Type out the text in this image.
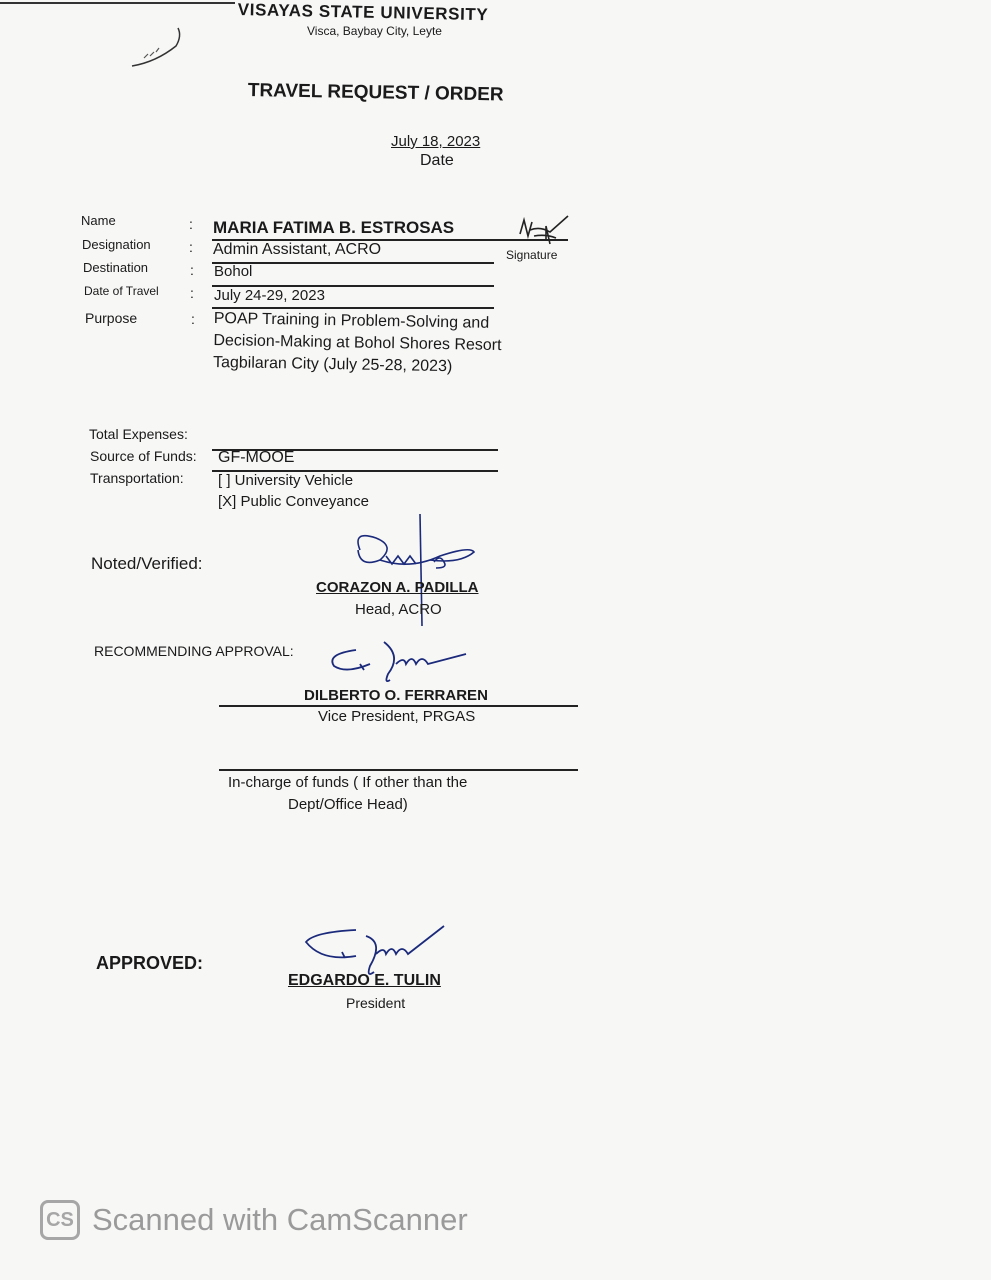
VISAYAS STATE UNIVERSITY
Visca, Baybay City, Leyte
TRAVEL REQUEST / ORDER
July 18, 2023
Date
Name	: MARIA FATIMA B. ESTROSAS
Signature
Designation	: Admin Assistant, ACRO
Destination	: Bohol
Date of Travel : July 24-29, 2023
Purpose	: POAP Training in Problem-Solving and
Decision-Making at Bohol Shores Resort
Tagbilaran City (July 25-28, 2023)
Total Expenses:
Source of Funds: GF-MOOE
Transportation: [ ] University Vehicle
[X] Public Conveyance
Noted/Verified:
CORAZON A. PADILLA
Head, ACRO
RECOMMENDING APPROVAL:
DILBERTO O. FERRAREN
Vice President, PRGAS
In-charge of funds ( If other than the
Dept/Office Head)
APPROVED:
EDGARDO E. TULIN
President
CS Scanned with CamScanner
